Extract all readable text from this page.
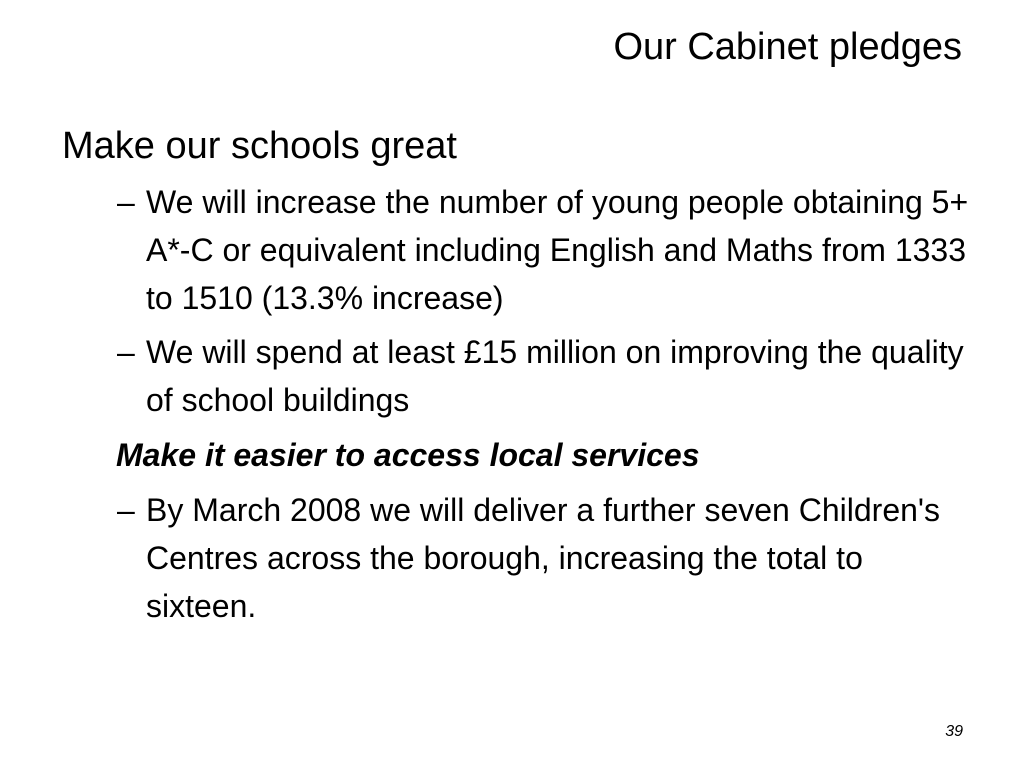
Our Cabinet pledges
Make our schools great
– We will increase the number of young people obtaining 5+ A*-C or equivalent including English and Maths from 1333 to 1510 (13.3% increase)
– We will spend at least £15 million on improving the quality of school buildings
Make it easier to access local services
– By March 2008 we will deliver a further seven Children's Centres across the borough, increasing the total to sixteen.
39
